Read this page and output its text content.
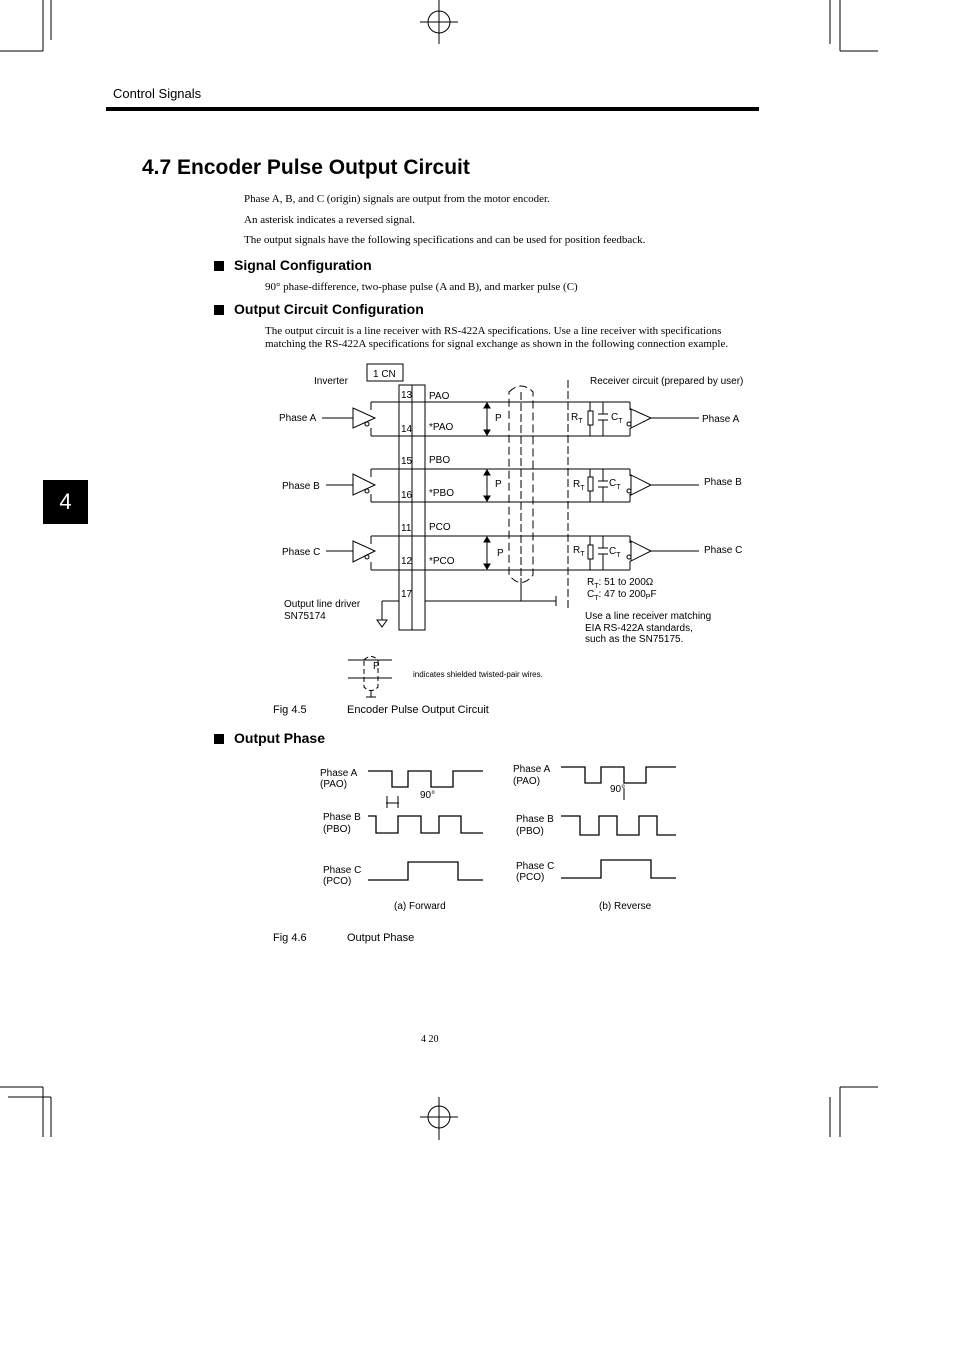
Control Signals
4
4.7 Encoder Pulse Output Circuit
Phase A, B, and C (origin) signals are output from the motor encoder.
An asterisk indicates a reversed signal.
The output signals have the following specifications and can be used for position feedback.
Signal Configuration
90° phase-difference, two-phase pulse (A and B), and marker pulse (C)
Output Circuit Configuration
The output circuit is a line receiver with RS-422A specifications. Use a line receiver with specifications
matching the RS-422A specifications for signal exchange as shown in the following connection example.
1 CN
Inverter	Receiver circuit (prepared by user)
Phase A
Phase B
Phase C
Phase A
Phase B
Phase C
13
14
15
16
11
12
17
PAO
*PAO
PBO
*PBO
PCO
*PCO
P
P
P
$R_T$	$C_T$
$R_T$ $C_T$
$R_T$ $C_T$
$R_T$: 51 to 200Ω
$C_T$: 47 to $200_PF$
Output line driver
SN75174	Use a line receiver matching
EIA RS-422A standards,
such as the SN75175.
P
indicates shielded twisted-pair wires.
Fig 4.5	Encoder Pulse Output Circuit
Output Phase
Phase A
(PAO)
Phase B
(PBO)
Phase C
(PCO)
90°
(a) Forward
Phase A
(PAO)
Phase B
(PBO)
Phase C
(PCO)
90°
(b) Reverse
Fig 4.6	Output Phase
4 20
